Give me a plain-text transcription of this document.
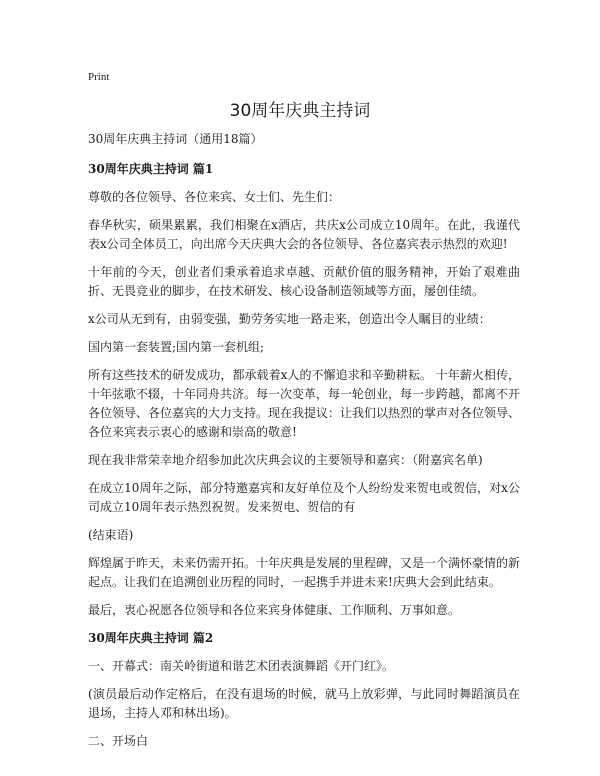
Print
30周年庆典主持词

30周年庆典主持词（通用18篇）

30周年庆典主持词 篇1

尊敬的各位领导、各位来宾、女士们、先生们：

春华秋实，硕果累累，我们相聚在x酒店，共庆x公司成立10周年。在此，我谨代表x公司全体员工，向出席今天庆典大会的各位领导、各位嘉宾表示热烈的欢迎!

十年前的今天，创业者们秉承着追求卓越、贡献价值的服务精神，开始了艰难曲折、无畏竞业的脚步，在技术研发、核心设备制造领域等方面，屡创佳绩。

x公司从无到有，由弱变强，勤劳务实地一路走来，创造出令人瞩目的业绩：

国内第一套装置;国内第一套机组;

所有这些技术的研发成功，都承载着x人的不懈追求和辛勤耕耘。 十年薪火相传，十年弦歌不辍，十年同舟共济。每一次变革，每一轮创业，每一步跨越，都离不开各位领导、各位嘉宾的大力支持。现在我提议：让我们以热烈的掌声对各位领导、各位来宾表示衷心的感谢和崇高的敬意!

现在我非常荣幸地介绍参加此次庆典会议的主要领导和嘉宾：（附嘉宾名单)

在成立10周年之际，部分特邀嘉宾和友好单位及个人纷纷发来贺电或贺信，对x公司成立10周年表示热烈祝贺。发来贺电、贺信的有

(结束语)

辉煌属于昨天，未来仍需开拓。十年庆典是发展的里程碑，又是一个满怀豪情的新起点。让我们在追溯创业历程的同时，一起携手并进未来!庆典大会到此结束。

最后，衷心祝愿各位领导和各位来宾身体健康、工作顺利、万事如意。

30周年庆典主持词 篇2

一、开幕式：南关岭街道和谐艺术团表演舞蹈《开门红》。

(演员最后动作定格后，在没有退场的时候，就马上放彩弹，与此同时舞蹈演员在退场，主持人邓和林出场)。

二、开场白
